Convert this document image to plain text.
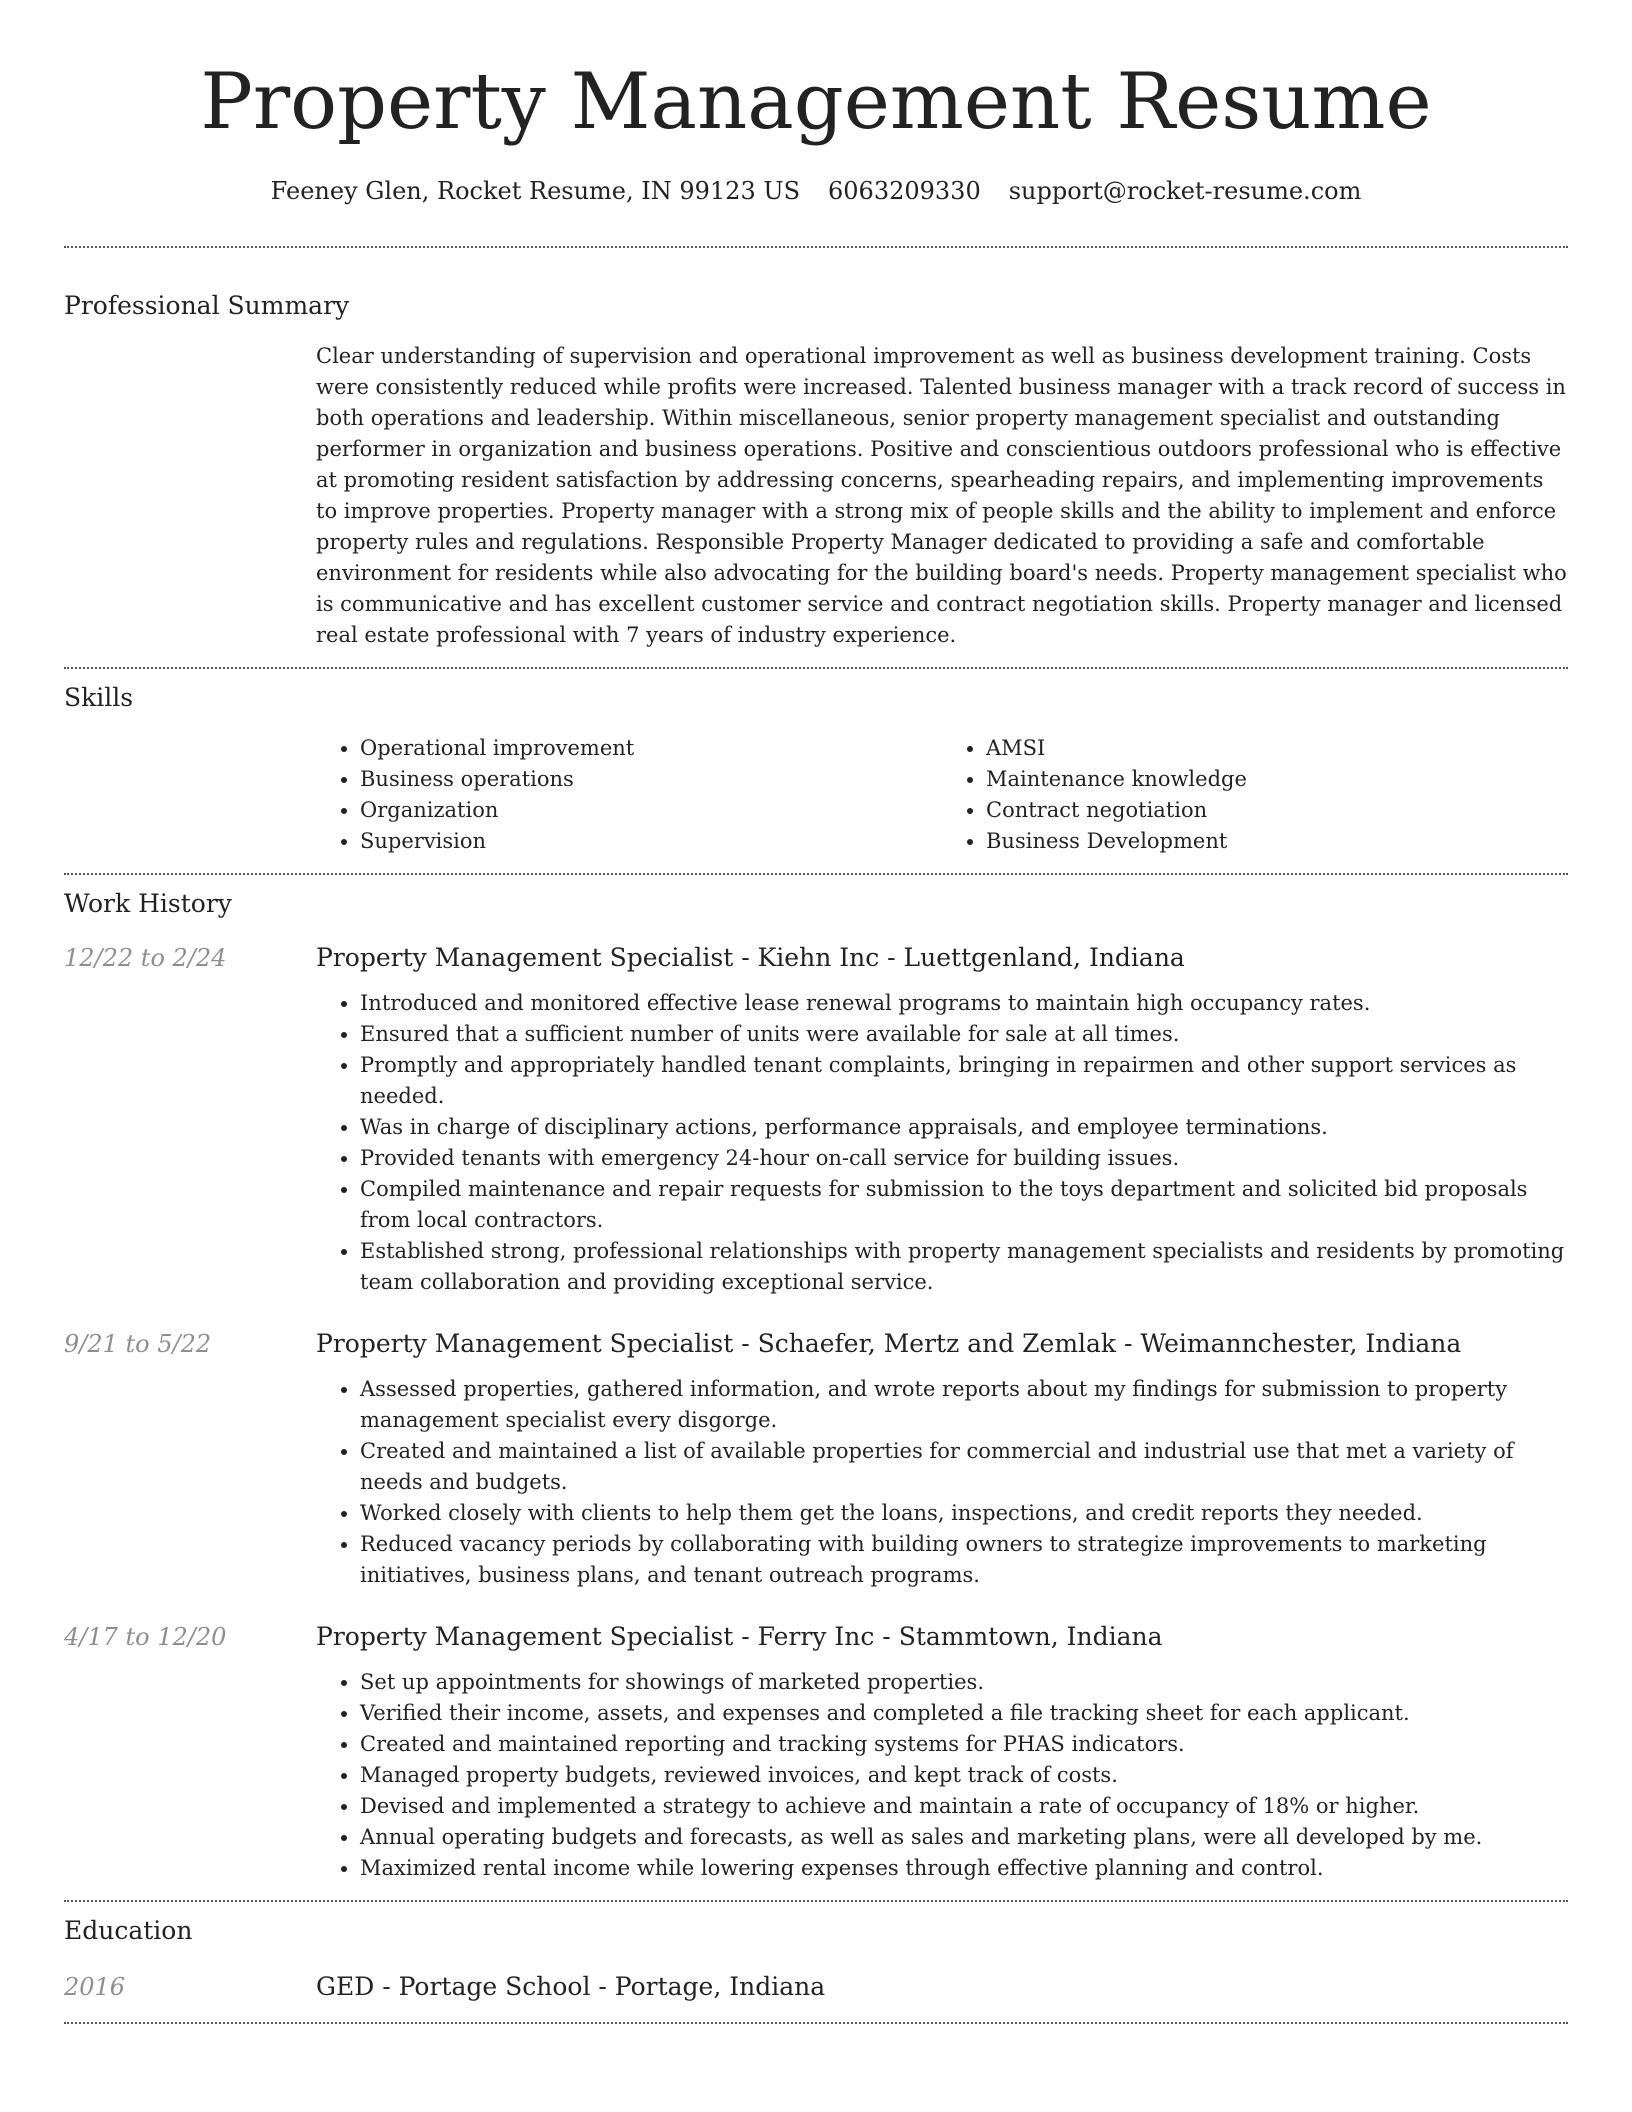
Property Management Resume
Feeney Glen, Rocket Resume, IN 99123 US 6063209330 support@rocket-resume.com
Professional Summary
Clear understanding of supervision and operational improvement as well as business development training. Costs were consistently reduced while profits were increased. Talented business manager with a track record of success in both operations and leadership. Within miscellaneous, senior property management specialist and outstanding performer in organization and business operations. Positive and conscientious outdoors professional who is effective at promoting resident satisfaction by addressing concerns, spearheading repairs, and implementing improvements to improve properties. Property manager with a strong mix of people skills and the ability to implement and enforce property rules and regulations. Responsible Property Manager dedicated to providing a safe and comfortable environment for residents while also advocating for the building board's needs. Property management specialist who is communicative and has excellent customer service and contract negotiation skills. Property manager and licensed real estate professional with 7 years of industry experience.
Skills
• Operational improvement
• Business operations
• Organization
• Supervision
• AMSI
• Maintenance knowledge
• Contract negotiation
• Business Development
Work History
12/22 to 2/24	Property Management Specialist - Kiehn Inc - Luettgenland, Indiana
• Introduced and monitored effective lease renewal programs to maintain high occupancy rates.
• Ensured that a sufficient number of units were available for sale at all times.
• Promptly and appropriately handled tenant complaints, bringing in repairmen and other support services as needed.
• Was in charge of disciplinary actions, performance appraisals, and employee terminations.
• Provided tenants with emergency 24-hour on-call service for building issues.
• Compiled maintenance and repair requests for submission to the toys department and solicited bid proposals from local contractors.
• Established strong, professional relationships with property management specialists and residents by promoting team collaboration and providing exceptional service.
9/21 to 5/22	Property Management Specialist - Schaefer, Mertz and Zemlak - Weimannchester, Indiana
• Assessed properties, gathered information, and wrote reports about my findings for submission to property management specialist every disgorge.
• Created and maintained a list of available properties for commercial and industrial use that met a variety of needs and budgets.
• Worked closely with clients to help them get the loans, inspections, and credit reports they needed.
• Reduced vacancy periods by collaborating with building owners to strategize improvements to marketing initiatives, business plans, and tenant outreach programs.
4/17 to 12/20	Property Management Specialist - Ferry Inc - Stammtown, Indiana
• Set up appointments for showings of marketed properties.
• Verified their income, assets, and expenses and completed a file tracking sheet for each applicant.
• Created and maintained reporting and tracking systems for PHAS indicators.
• Managed property budgets, reviewed invoices, and kept track of costs.
• Devised and implemented a strategy to achieve and maintain a rate of occupancy of 18% or higher.
• Annual operating budgets and forecasts, as well as sales and marketing plans, were all developed by me.
• Maximized rental income while lowering expenses through effective planning and control.
Education
2016	GED - Portage School - Portage, Indiana
